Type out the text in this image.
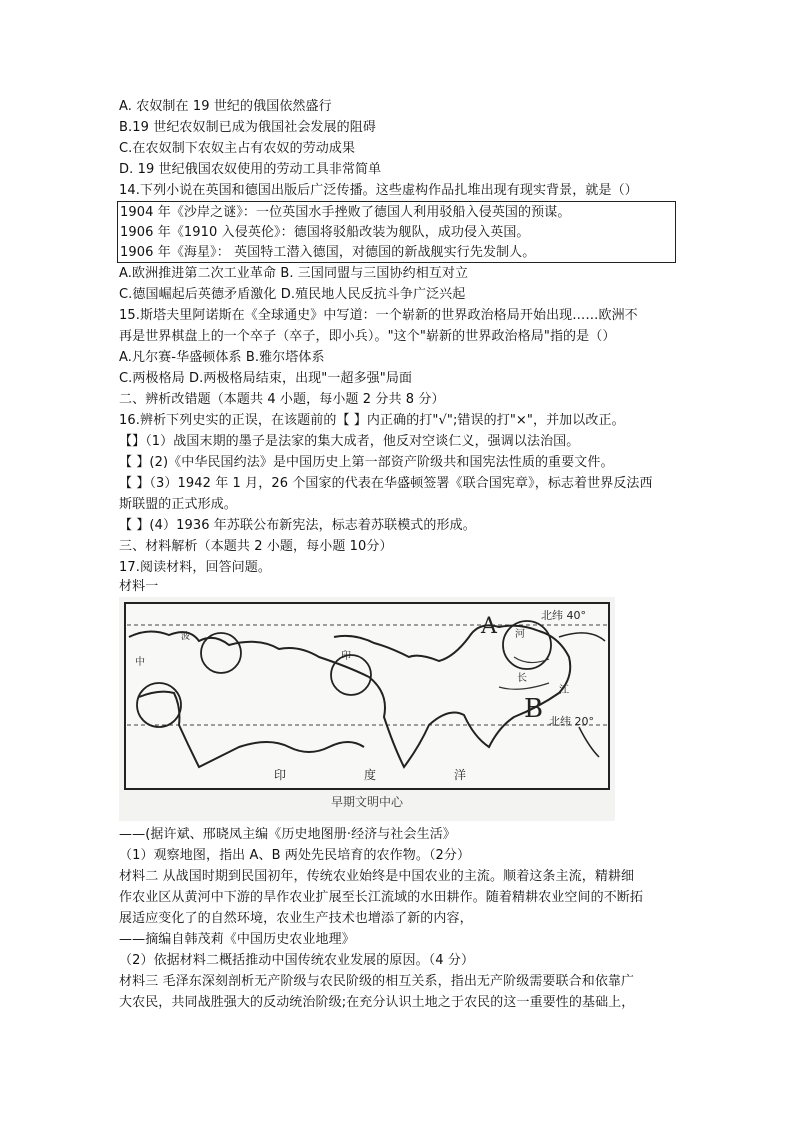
A. 农奴制在 19 世纪的俄国依然盛行
B.19 世纪农奴制已成为俄国社会发展的阻碍
C.在农奴制下农奴主占有农奴的劳动成果
D. 19 世纪俄国农奴使用的劳动工具非常简单
14.下列小说在英国和德国出版后广泛传播。这些虚构作品扎堆出现有现实背景，就是（）
1904 年《沙岸之谜》：一位英国水手挫败了德国人利用驳船入侵英国的预谋。
1906 年《1910 入侵英伦》：德国将驳船改装为舰队，成功侵入英国。
1906 年《海星》： 英国特工潜入德国，对德国的新战舰实行先发制人。
A.欧洲推进第二次工业革命 B. 三国同盟与三国协约相互对立
C.德国崛起后英德矛盾激化 D.殖民地人民反抗斗争广泛兴起
15.斯塔夫里阿诺斯在《全球通史》中写道：一个崭新的世界政治格局开始出现……欧洲不
再是世界棋盘上的一个卒子（卒子，即小兵）。"这个"崭新的世界政治格局"指的是（）
A.凡尔赛-华盛顿体系 B.雅尔塔体系
C.两极格局 D.两极格局结束，出现"一超多强"局面
二、辨析改错题（本题共 4 小题，每小题 2 分共 8 分）
16.辨析下列史实的正误，在该题前的【 】内正确的打"√";错误的打"×"，并加以改正。
【】（1）战国末期的墨子是法家的集大成者，他反对空谈仁义，强调以法治国。
【 】(2)《中华民国约法》是中国历史上第一部资产阶级共和国宪法性质的重要文件。
【 】（3）1942 年 1 月，26 个国家的代表在华盛顿签署《联合国宪章》，标志着世界反法西
斯联盟的正式形成。
【 】(4）1936 年苏联公布新宪法，标志着苏联模式的形成。
三、材料解析（本题共 2 小题，每小题 10分）
17.阅读材料，回答问题。
材料一
A
B
北纬 40°
北纬 20°
印	度	洋
河
江
长
中
印
波
早期文明中心
——(据许斌、邢晓凤主编《历史地图册·经济与社会生活》
（1）观察地图，指出 A、B 两处先民培育的农作物。（2分）
材料二 从战国时期到民国初年，传统农业始终是中国农业的主流。顺着这条主流，精耕细
作农业区从黄河中下游的旱作农业扩展至长江流域的水田耕作。随着精耕农业空间的不断拓
展适应变化了的自然环境，农业生产技术也增添了新的内容，
——摘编自韩茂莉《中国历史农业地理》
（2）依据材料二概括推动中国传统农业发展的原因。（4 分）
材料三 毛泽东深刻剖析无产阶级与农民阶级的相互关系，指出无产阶级需要联合和依靠广
大农民，共同战胜强大的反动统治阶级;在充分认识土地之于农民的这一重要性的基础上，
